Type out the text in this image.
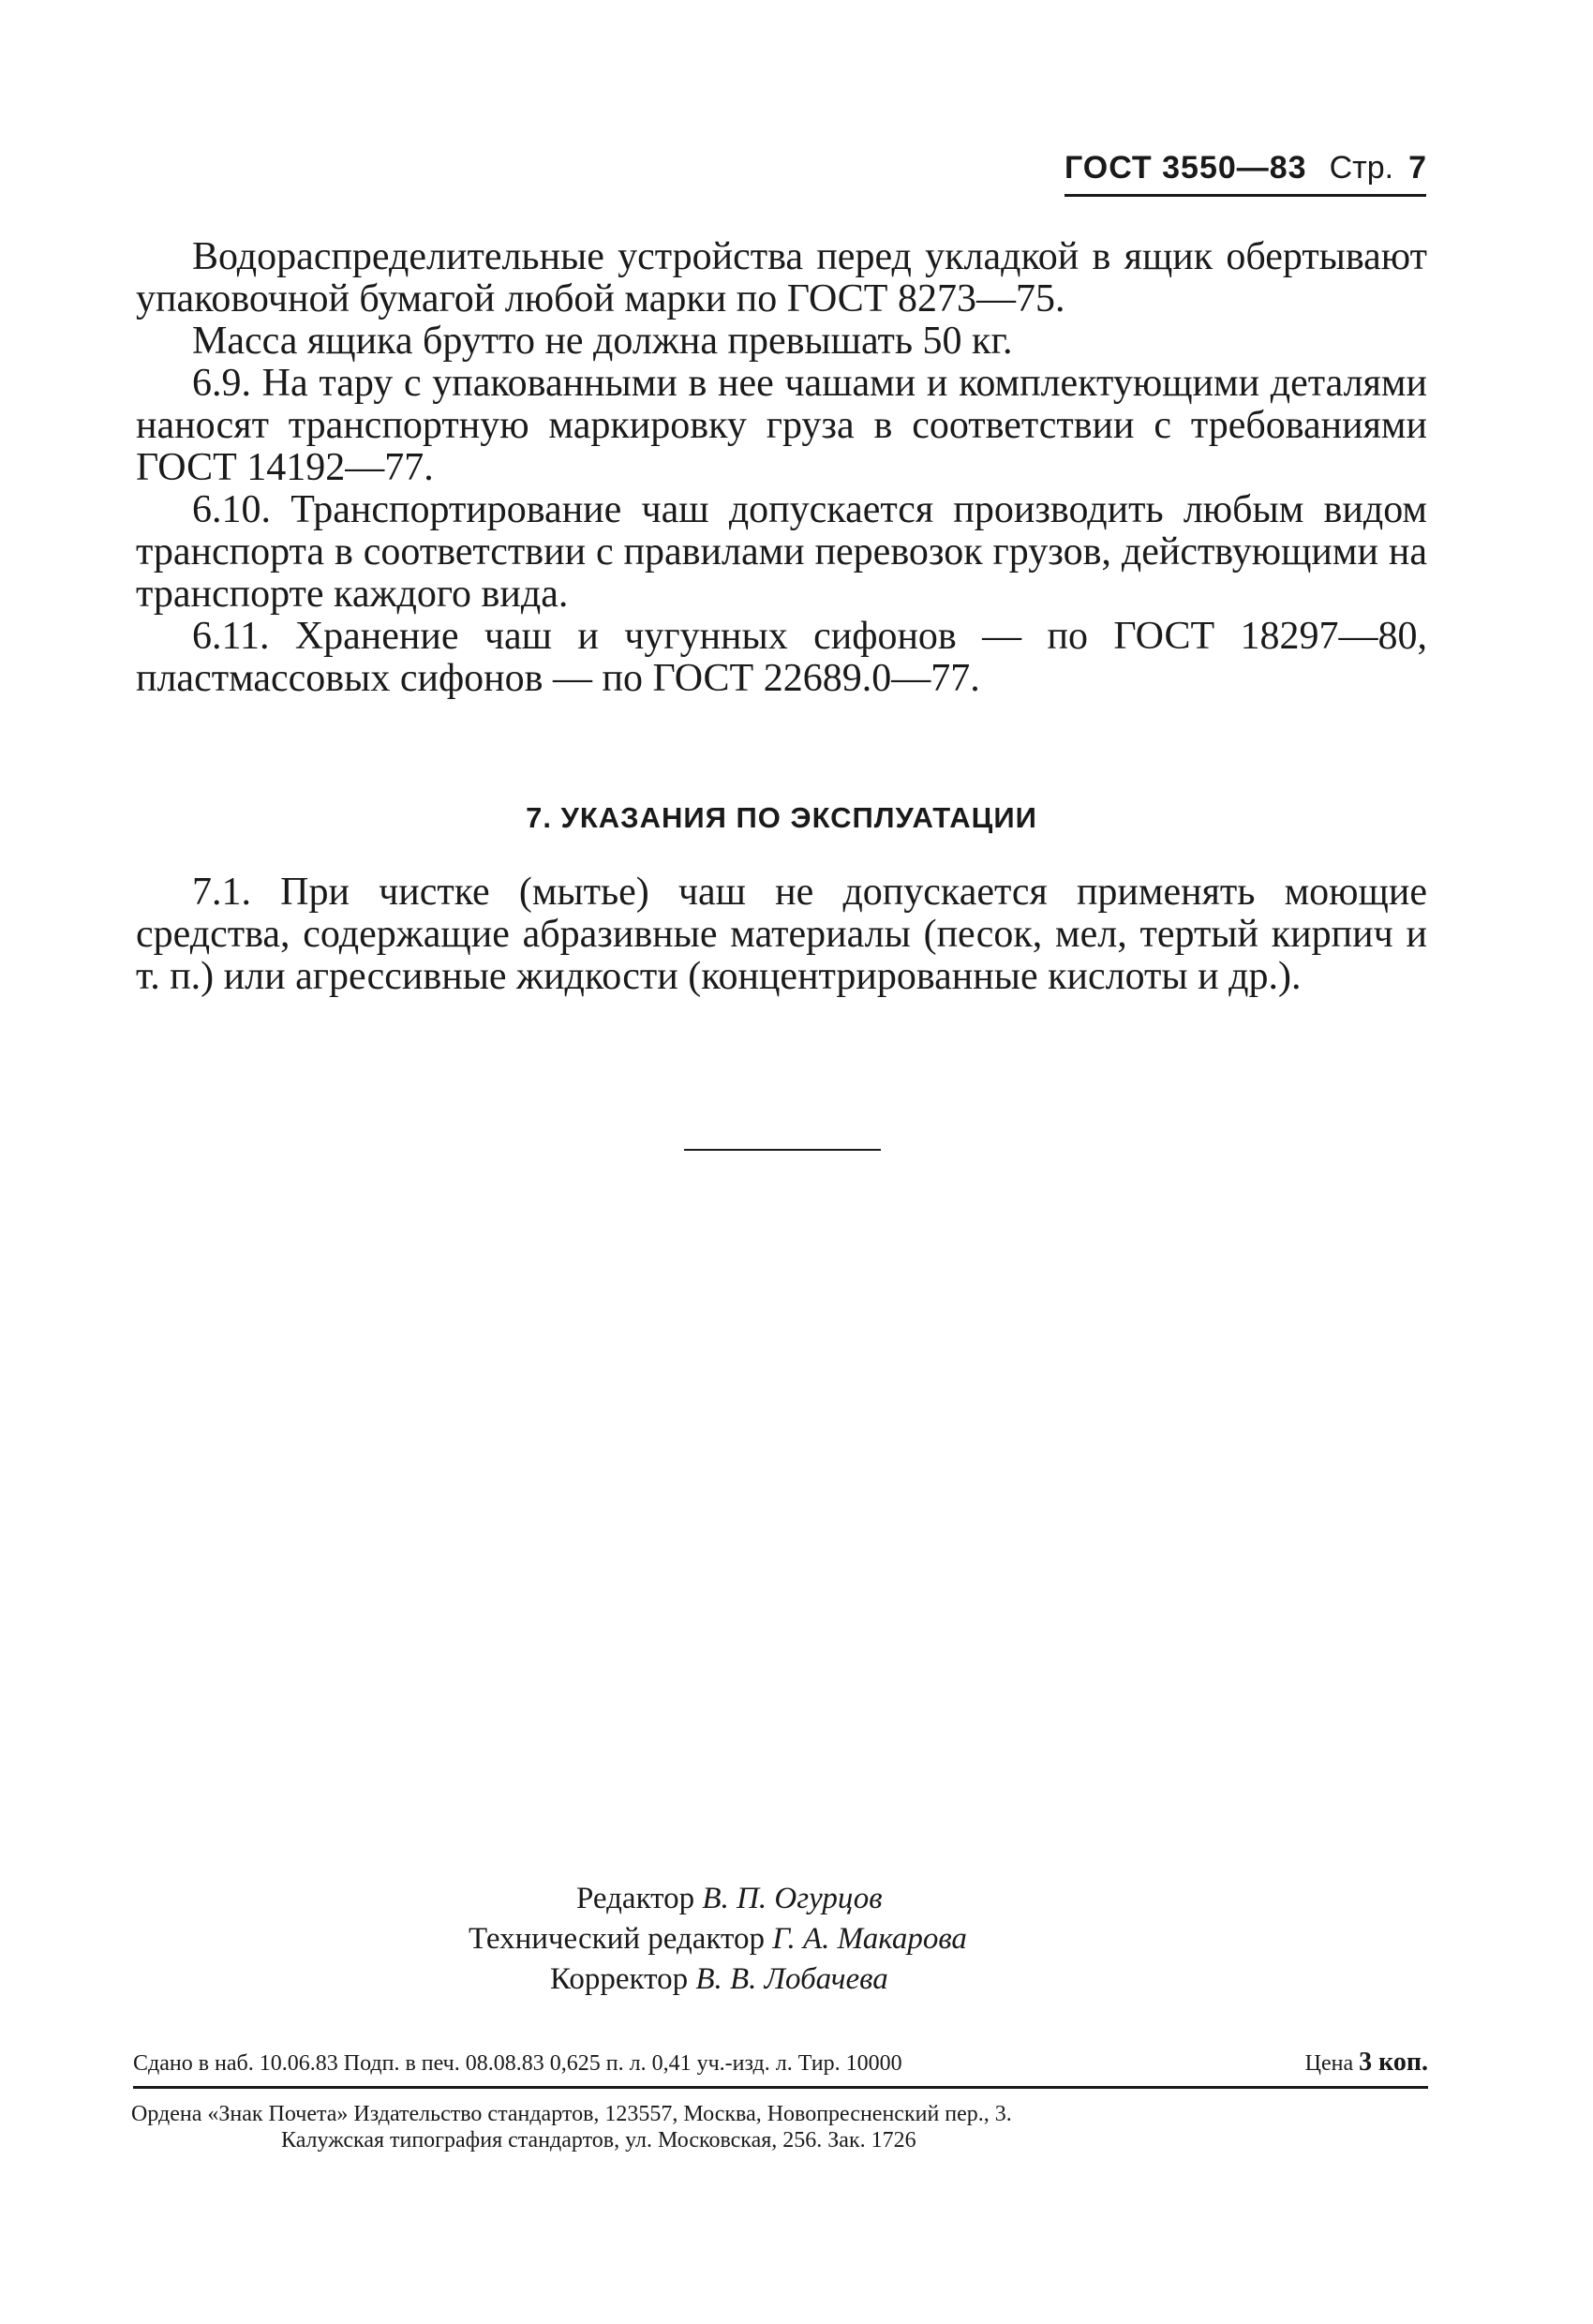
ГОСТ 3550—83 Стр. 7

Водораспределительные устройства перед укладкой в ящик обертывают упаковочной бумагой любой марки по ГОСТ 8273—75.

Масса ящика брутто не должна превышать 50 кг.

6.9. На тару с упакованными в нее чашами и комплектующими деталями наносят транспортную маркировку груза в соответствии с требованиями ГОСТ 14192—77.

6.10. Транспортирование чаш допускается производить любым видом транспорта в соответствии с правилами перевозок грузов, действующими на транспорте каждого вида.

6.11. Хранение чаш и чугунных сифонов — по ГОСТ 18297—80, пластмассовых сифонов — по ГОСТ 22689.0—77.

7. УКАЗАНИЯ ПО ЭКСПЛУАТАЦИИ

7.1. При чистке (мытье) чаш не допускается применять моющие средства, содержащие абразивные материалы (песок, мел, тертый кирпич и т. п.) или агрессивные жидкости (концентрированные кислоты и др.).

Редактор В. П. Огурцов
Технический редактор Г. А. Макарова
Корректор В. В. Лобачева
Сдано в наб. 10.06.83 Подп. в печ. 08.08.83 0,625 п. л. 0,41 уч.-изд. л. Тир. 10000	Цена 3 коп.
Ордена «Знак Почета» Издательство стандартов, 123557, Москва, Новопресненский пер., 3.
Калужская типография стандартов, ул. Московская, 256. Зак. 1726
